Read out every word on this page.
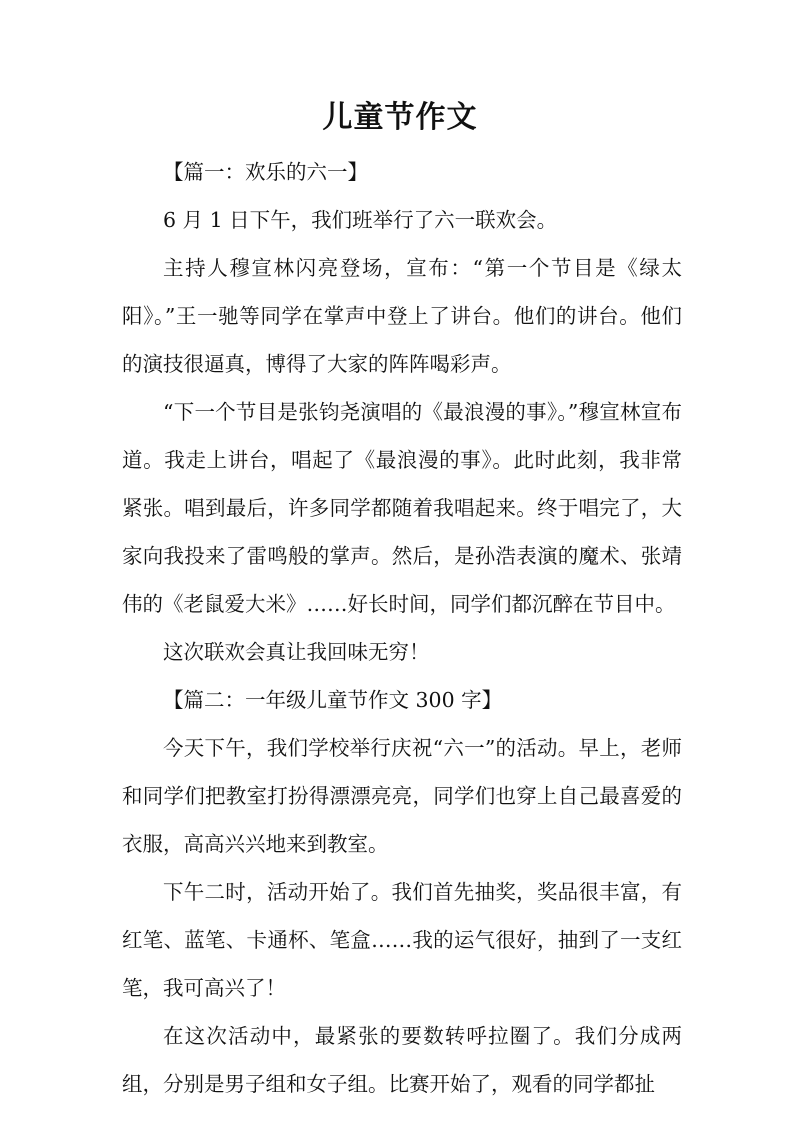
儿童节作文

【篇一：欢乐的六一】

6 月 1 日下午，我们班举行了六一联欢会。

主持人穆宣林闪亮登场，宣布：“第一个节目是《绿太阳》。”王一驰等同学在掌声中登上了讲台。他们的讲台。他们的演技很逼真，博得了大家的阵阵喝彩声。

“下一个节目是张钧尧演唱的《最浪漫的事》。”穆宣林宣布道。我走上讲台，唱起了《最浪漫的事》。此时此刻，我非常紧张。唱到最后，许多同学都随着我唱起来。终于唱完了，大家向我投来了雷鸣般的掌声。然后，是孙浩表演的魔术、张靖伟的《老鼠爱大米》……好长时间，同学们都沉醉在节目中。

这次联欢会真让我回味无穷！

【篇二：一年级儿童节作文 300 字】

今天下午，我们学校举行庆祝“六一”的活动。早上，老师和同学们把教室打扮得漂漂亮亮，同学们也穿上自己最喜爱的衣服，高高兴兴地来到教室。

下午二时，活动开始了。我们首先抽奖，奖品很丰富，有红笔、蓝笔、卡通杯、笔盒……我的运气很好，抽到了一支红笔，我可高兴了！

在这次活动中，最紧张的要数转呼拉圈了。我们分成两组，分别是男子组和女子组。比赛开始了，观看的同学都扯
